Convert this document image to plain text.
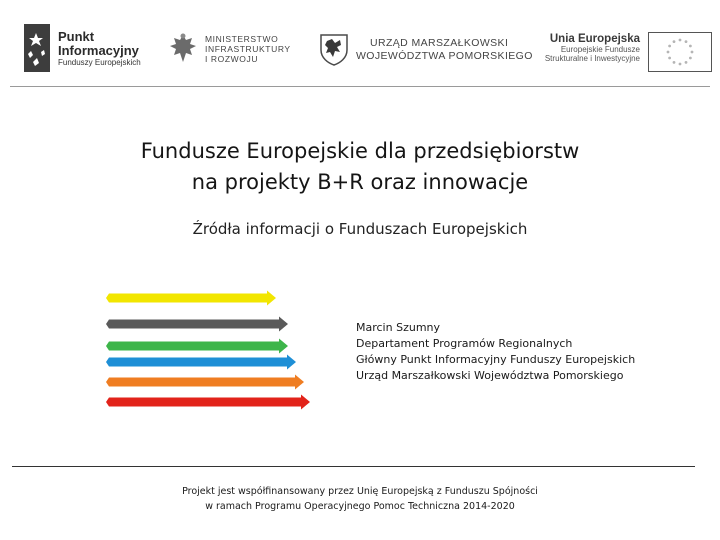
Punkt
Informacyjny
Funduszy Europejskich
MINISTERSTWO
INFRASTRUKTURY
I ROZWOJU
URZĄD MARSZAŁKOWSKI
WOJEWÓDZTWA POMORSKIEGO
Unia Europejska
Europejskie Fundusze
Strukturalne i Inwestycyjne
Fundusze Europejskie dla przedsiębiorstw
na projekty B+R oraz innowacje
Źródła informacji o Funduszach Europejskich
Marcin Szumny
Departament Programów Regionalnych
Główny Punkt Informacyjny Funduszy Europejskich
Urząd Marszałkowski Województwa Pomorskiego
Projekt jest współfinansowany przez Unię Europejską z Funduszu Spójności
w ramach Programu Operacyjnego Pomoc Techniczna 2014-2020
